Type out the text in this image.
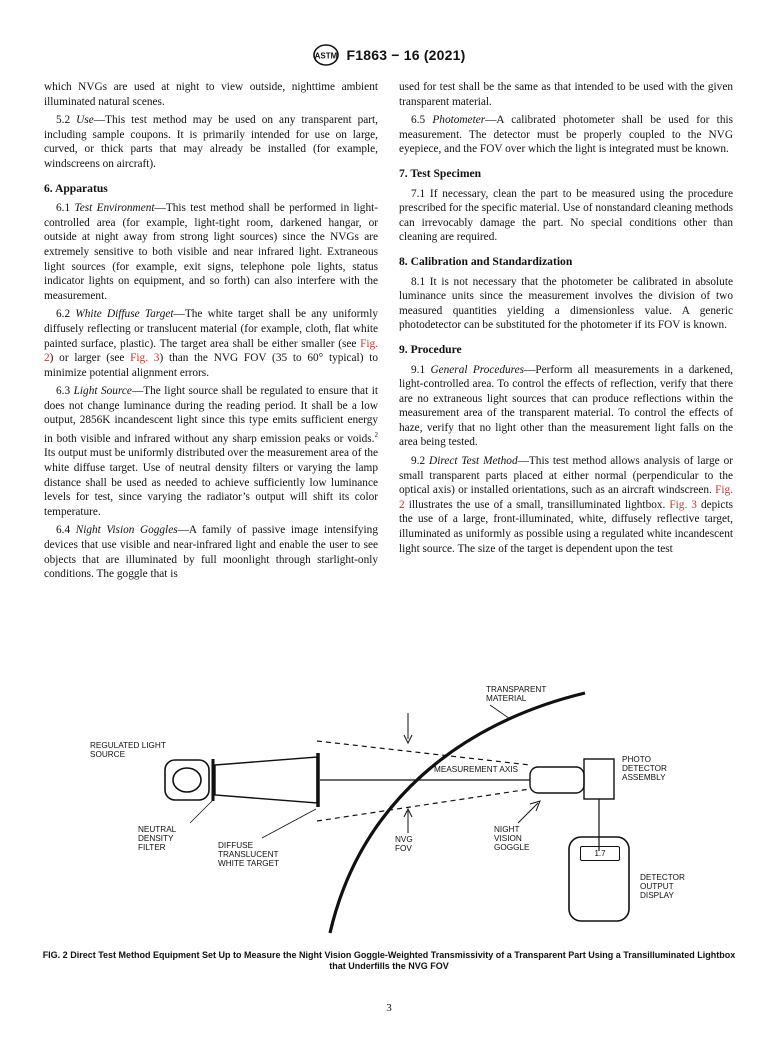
ASTM F1863 − 16 (2021)

which NVGs are used at night to view outside, nighttime ambient illuminated natural scenes.

5.2 Use—This test method may be used on any transparent part, including sample coupons. It is primarily intended for use on large, curved, or thick parts that may already be installed (for example, windscreens on aircraft).

6. Apparatus

6.1 Test Environment—This test method shall be performed in light-controlled area (for example, light-tight room, darkened hangar, or outside at night away from strong light sources) since the NVGs are extremely sensitive to both visible and near infrared light. Extraneous light sources (for example, exit signs, telephone pole lights, status indicator lights on equipment, and so forth) can also interfere with the measurement.

6.2 White Diffuse Target—The white target shall be any uniformly diffusely reflecting or translucent material (for example, cloth, flat white painted surface, plastic). The target area shall be either smaller (see Fig. 2) or larger (see Fig. 3) than the NVG FOV (35 to 60° typical) to minimize potential alignment errors.

6.3 Light Source—The light source shall be regulated to ensure that it does not change luminance during the reading period. It shall be a low output, 2856K incandescent light since this type emits sufficient energy in both visible and infrared without any sharp emission peaks or voids.$^2$ Its output must be uniformly distributed over the measurement area of the white diffuse target. Use of neutral density filters or varying the lamp distance shall be used as needed to achieve sufficiently low luminance levels for test, since varying the radiator’s output will shift its color temperature.

6.4 Night Vision Goggles—A family of passive image intensifying devices that use visible and near-infrared light and enable the user to see objects that are illuminated by full moonlight through starlight-only conditions. The goggle that is

used for test shall be the same as that intended to be used with the given transparent material.

6.5 Photometer—A calibrated photometer shall be used for this measurement. The detector must be properly coupled to the NVG eyepiece, and the FOV over which the light is integrated must be known.

7. Test Specimen

7.1 If necessary, clean the part to be measured using the procedure prescribed for the specific material. Use of nonstandard cleaning methods can irrevocably damage the part. No special conditions other than cleaning are required.

8. Calibration and Standardization

8.1 It is not necessary that the photometer be calibrated in absolute luminance units since the measurement involves the division of two measured quantities yielding a dimensionless value. A generic photodetector can be substituted for the photometer if its FOV is known.

9. Procedure

9.1 General Procedures—Perform all measurements in a darkened, light-controlled area. To control the effects of reflection, verify that there are no extraneous light sources that can produce reflections within the measurement area of the transparent material. To control the effects of haze, verify that no light other than the measurement light falls on the area being tested.

9.2 Direct Test Method—This test method allows analysis of large or small transparent parts placed at either normal (perpendicular to the optical axis) or installed orientations, such as an aircraft windscreen. Fig. 2 illustrates the use of a small, transilluminated lightbox. Fig. 3 depicts the use of a large, front-illuminated, white, diffusely reflective target, illuminated as uniformly as possible using a regulated white incandescent light source. The size of the target is dependent upon the test

TRANSPARENT MATERIAL
REGULATED LIGHT SOURCE
PHOTO DETECTOR ASSEMBLY
MEASUREMENT AXIS
NEUTRAL DENSITY FILTER	DIFFUSE TRANSLUCENT WHITE TARGET
NVG FOV
NIGHT VISION GOGGLE
DETECTOR OUTPUT DISPLAY
1.7
FIG. 2 Direct Test Method Equipment Set Up to Measure the Night Vision Goggle-Weighted Transmissivity of a Transparent Part Using a Transilluminated Lightbox that Underfills the NVG FOV
3
